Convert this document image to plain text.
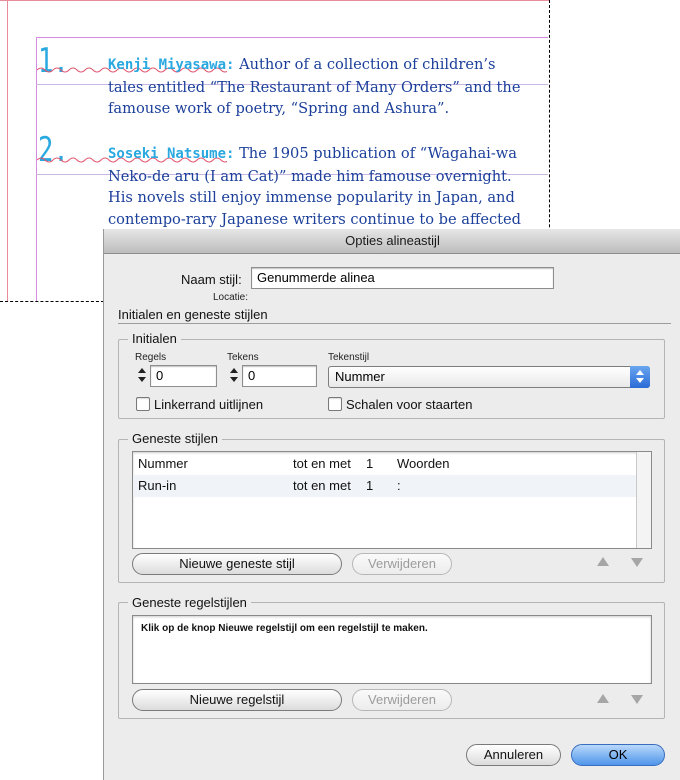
1.	Kenji Miyasawa: Author of a collection of children’s tales entitled “The Restaurant of Many Orders” and the famouse work of poetry, “Spring and Ashura”.
2.	Soseki Natsume: The 1905 publication of “Wagahai-wa Neko-de aru (I am Cat)” made him famouse overnight. His novels still enjoy immense popularity in Japan, and contempo-rary Japanese writers continue to be affected
Opties alineastijl
Naam stijl:	Genummerde alinea
Locatie:
Initialen en geneste stijlen
Initialen
Regels
0
Tekens
0
Tekenstijl
Nummer
Linkerrand uitlijnen	Schalen voor staarten
Geneste stijlen
Nummer	tot en met 1 Woorden
Run-in	tot en met 1 :
Nieuwe geneste stijl	Verwijderen
Geneste regelstijlen
Klik op de knop Nieuwe regelstijl om een regelstijl te maken.
Nieuwe regelstijl	Verwijderen
Annuleren	OK
